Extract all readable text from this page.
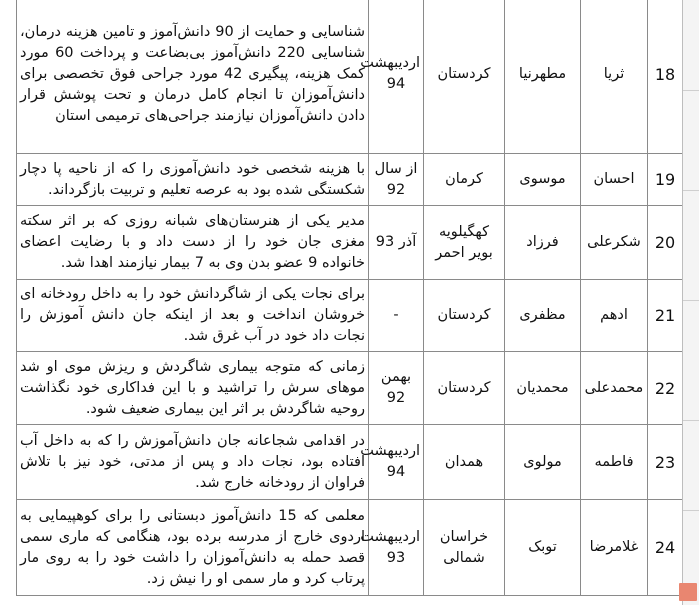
18	ثریا	مطهرنیا	کردستان	اردیبهشت 94	شناسایی و حمایت از 90 دانش‌آموز و تامین هزینه درمان، شناسایی 220 دانش‌آموز بی‌بضاعت و پرداخت 60 مورد کمک هزینه، پیگیری 42 مورد جراحی فوق تخصصی برای دانش‌آموزان تا انجام کامل درمان و تحت پوشش قرار دادن دانش‌آموزان نیازمند جراحی‌های ترمیمی استان
19	احسان	موسوی	کرمان	از سال 92	با هزینه شخصی خود دانش‌آموزی را که از ناحیه پا دچار شکستگی شده بود به عرصه تعلیم و تربیت بازگرداند.
20	شکرعلی	فرزاد	کهگیلویه بویر احمر	آذر 93	مدیر یکی از هنرستان‌های شبانه روزی که بر اثر سکته مغزی جان خود را از دست داد و با رضایت اعضای خانواده 9 عضو بدن وی به 7 بیمار نیازمند اهدا شد.
21	ادهم	مظفری	کردستان	-	برای نجات یکی از شاگردانش خود را به داخل رودخانه ای خروشان انداخت و بعد از اینکه جان دانش آموزش را نجات داد خود در آب غرق شد.
22	محمدعلی	محمدیان	کردستان	بهمن 92	زمانی که متوجه بیماری شاگردش و ریزش موی او شد موهای سرش را تراشید و با این فداکاری خود نگذاشت روحیه شاگردش بر اثر این بیماری ضعیف شود.
23	فاطمه	مولوی	همدان	اردیبهشت 94	در اقدامی شجاعانه جان دانش‌آموزش را که به داخل آب افتاده بود، نجات داد و پس از مدتی، خود نیز با تلاش فراوان از رودخانه خارج شد.
24	غلامرضا	توبک	خراسان شمالی	اردیبهشت 93	معلمی که 15 دانش‌آموز دبستانی را برای کوهپیمایی به اردوی خارج از مدرسه برده بود، هنگامی که ماری سمی قصد حمله به دانش‌آموزان را داشت خود را به روی مار پرتاب کرد و مار سمی او را نیش زد.
